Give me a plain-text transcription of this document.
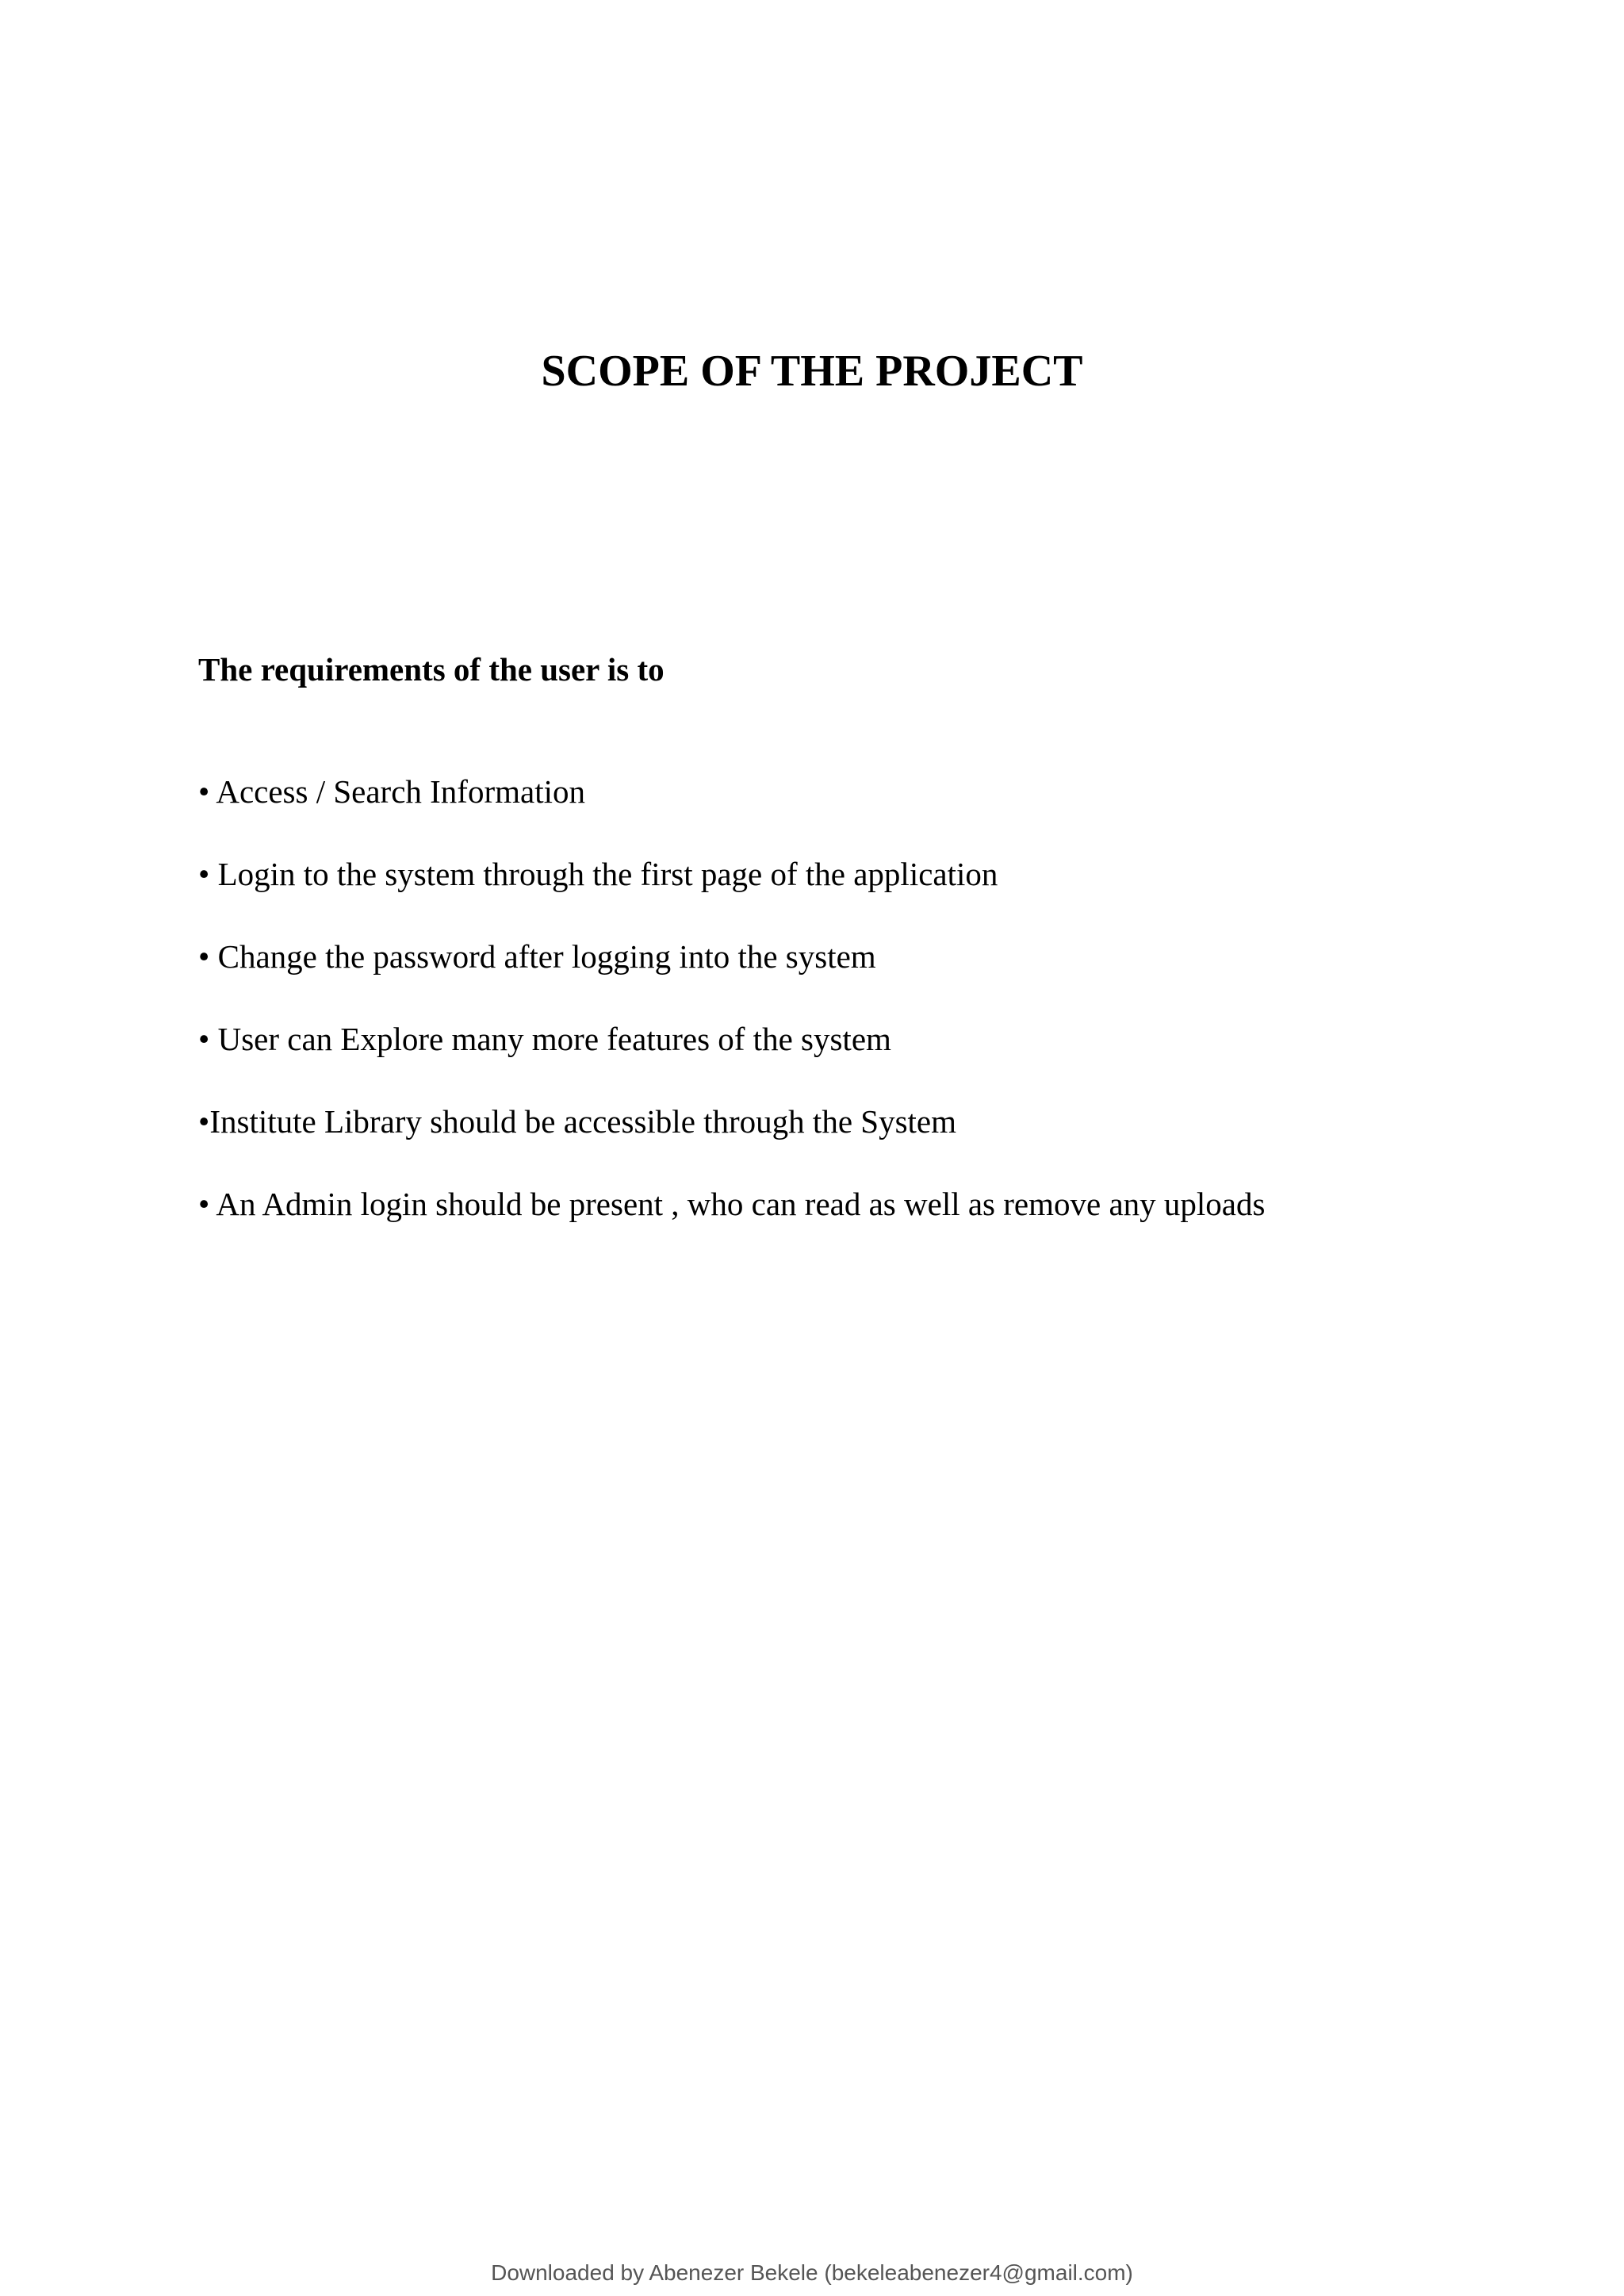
SCOPE OF THE PROJECT

The requirements of the user is to

• Access / Search Information
• Login to the system through the first page of the application
• Change the password after logging into the system
• User can Explore many more features of the system
•Institute Library should be accessible through the System
• An Admin login should be present , who can read as well as remove any uploads

Downloaded by Abenezer Bekele (bekeleabenezer4@gmail.com)
